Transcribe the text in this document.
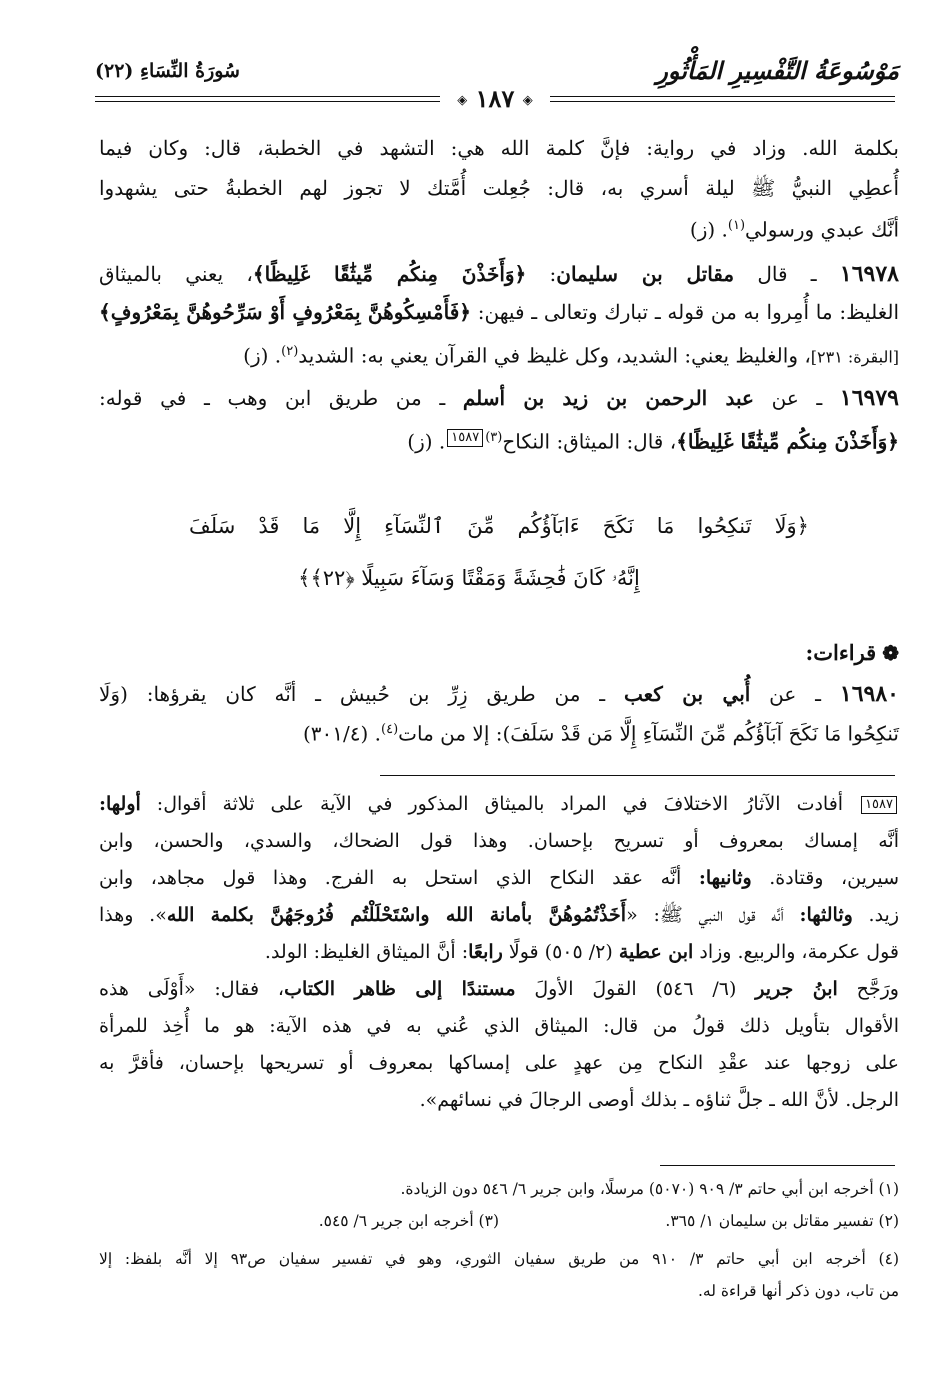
مَوْسُوعَةُ التَّفْسِيرِ المَأْثُورِ
سُورَةُ النِّسَاءِ (٢٢)
◈ ١٨٧ ◈
بكلمة الله. وزاد في رواية: فإنَّ كلمة الله هي: التشهد في الخطبة، قال: وكان فيما
أُعطِي النبيُّ ﷺ ليلة أسري به، قال: جُعِلت أُمَّتك لا تجوز لهم الخطبةُ حتى يشهدوا
أنَّك عبدي ورسولي$^{(١)}$. (ز)
١٦٩٧٨ ـ قال مقاتل بن سليمان: ﴿وَأَخَذْنَ مِنكُم مِّيثَٰقًا غَلِيظًا﴾، يعني بالميثاق
الغليظ: ما أُمِروا به من قوله ـ تبارك وتعالى ـ فيهن: ﴿فَأَمْسِكُوهُنَّ بِمَعْرُوفٍ أَوْ سَرِّحُوهُنَّ بِمَعْرُوفٍ﴾
[البقرة: ٢٣١]، والغليظ يعني: الشديد، وكل غليظ في القرآن يعني به: الشديد$^{(٢)}$. (ز)
١٦٩٧٩ ـ عن عبد الرحمن بن زيد بن أسلم ـ من طريق ابن وهب ـ في قوله:
﴿وَأَخَذْنَ مِنكُم مِّيثَٰقًا غَلِيظًا﴾، قال: الميثاق: النكاح$^{(٣)}$١٥٨٧. (ز)
﴿وَلَا تَنكِحُوا مَا نَكَحَ ءَابَآؤُكُم مِّنَ ٱلنِّسَآءِ إِلَّا مَا قَدْ سَلَفَ
إِنَّهُۥ كَانَ فَٰحِشَةً وَمَقْتًا وَسَآءَ سَبِيلًا ﴿٢٢﴾﴾
❁قراءات:
١٦٩٨٠ ـ عن أُبي بن كعب ـ من طريق زِرِّ بن حُبيش ـ أنَّه كان يقرؤها: (وَلَا
تَنكِحُوا مَا نَكَحَ آبَآؤُكُم مِّنَ النِّسَآءِ إِلَّا مَن قَدْ سَلَفَ): إلا من مات$^{(٤)}$. (٣٠١/٤)
١٥٨٧ أفادت الآثارُ الاختلافَ في المراد بالميثاق المذكور في الآية على ثلاثة أقوال: أولها:
أنَّه إمساك بمعروف أو تسريح بإحسان. وهذا قول الضحاك، والسدي، والحسن، وابن
سيرين، وقتادة. وثانيها: أنَّه عقد النكاح الذي استحل به الفرج. وهذا قول مجاهد، وابن
زيد. وثالثها: أنَّه قول النبي ﷺ: «أَخَذْتُمُوهُنَّ بأمانة الله واسْتَحْلَلْتُم فُرُوجَهُنَّ بكلمة الله». وهذا
قول عكرمة، والربيع. وزاد ابن عطية (٢/ ٥٠٥) قولًا رابعًا: أنَّ الميثاق الغليظ: الولد.
ورَجَّح ابنُ جرير (٦/ ٥٤٦) القولَ الأولَ مستندًا إلى ظاهر الكتاب، فقال: «أَوْلَى هذه
الأقوال بتأويل ذلك قولُ من قال: الميثاق الذي عُني به في هذه الآية: هو ما أُخِذ للمرأة
على زوجها عند عقْدِ النكاح مِن عهدٍ على إمساكها بمعروف أو تسريحها بإحسان، فأقرَّ به
الرجل. لأنَّ الله ـ جلَّ ثناؤه ـ بذلك أوصى الرجالَ في نسائهم».
(١) أخرجه ابن أبي حاتم ٣/ ٩٠٩ (٥٠٧٠) مرسلًا، وابن جرير ٦/ ٥٤٦ دون الزيادة.
(٢) تفسير مقاتل بن سليمان ١/ ٣٦٥.
(٣) أخرجه ابن جرير ٦/ ٥٤٥.
(٤) أخرجه ابن أبي حاتم ٣/ ٩١٠ من طريق سفيان الثوري، وهو في تفسير سفيان ص٩٣ إلا أنَّه بلفظ: إلا
من تاب، دون ذكر أنها قراءة له.
